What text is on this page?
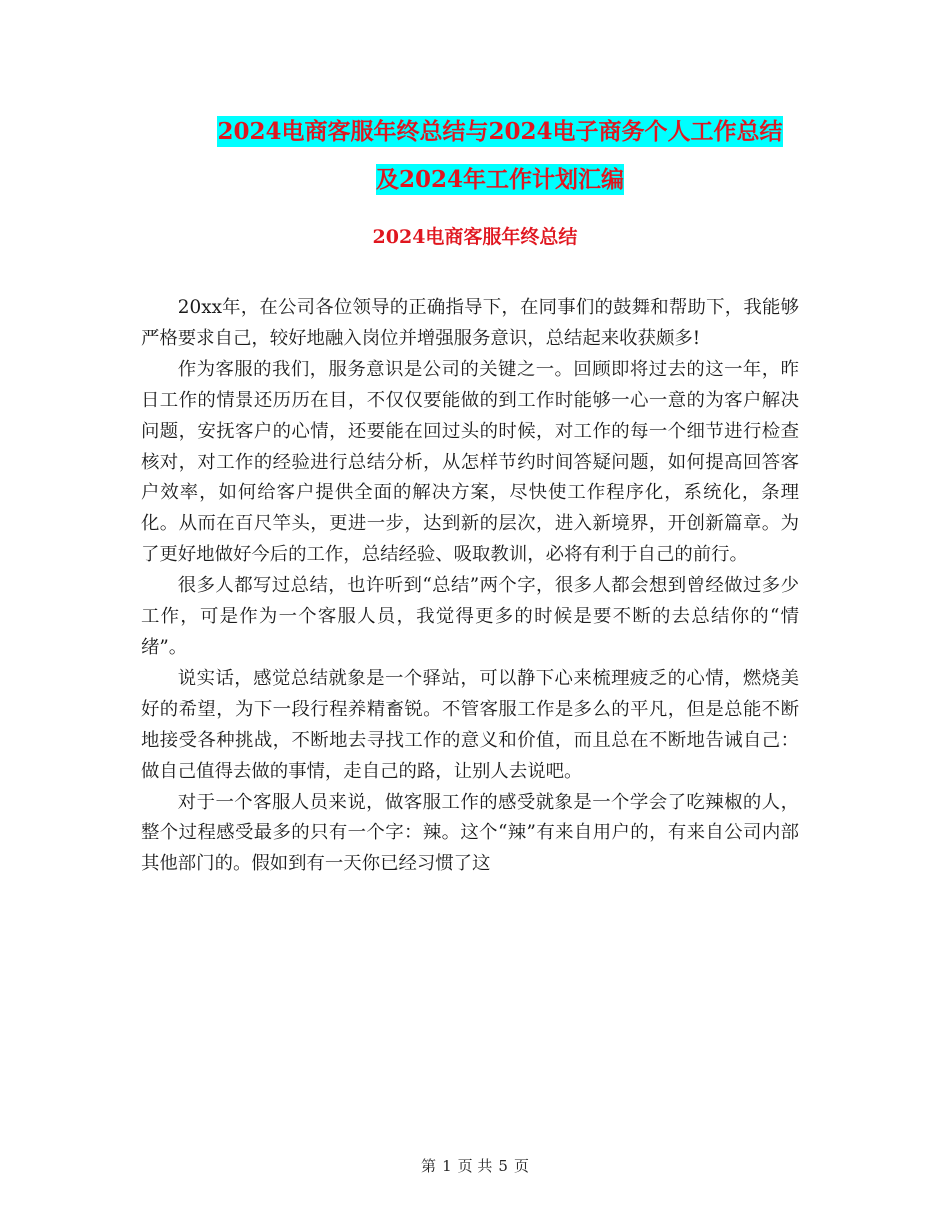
2024电商客服年终总结与2024电子商务个人工作总结
及2024年工作计划汇编
2024电商客服年终总结

20xx年，在公司各位领导的正确指导下，在同事们的鼓舞和帮助下，我能够严格要求自己，较好地融入岗位并增强服务意识，总结起来收获颇多!

作为客服的我们，服务意识是公司的关键之一。回顾即将过去的这一年，昨日工作的情景还历历在目，不仅仅要能做的到工作时能够一心一意的为客户解决问题，安抚客户的心情，还要能在回过头的时候，对工作的每一个细节进行检查核对，对工作的经验进行总结分析，从怎样节约时间答疑问题，如何提高回答客户效率，如何给客户提供全面的解决方案，尽快使工作程序化，系统化，条理化。从而在百尺竿头，更进一步，达到新的层次，进入新境界，开创新篇章。为了更好地做好今后的工作，总结经验、吸取教训，必将有利于自己的前行。

很多人都写过总结，也许听到“总结”两个字，很多人都会想到曾经做过多少工作，可是作为一个客服人员，我觉得更多的时候是要不断的去总结你的“情绪”。

说实话，感觉总结就象是一个驿站，可以静下心来梳理疲乏的心情，燃烧美好的希望，为下一段行程养精畜锐。不管客服工作是多么的平凡，但是总能不断地接受各种挑战，不断地去寻找工作的意义和价值，而且总在不断地告诫自己：做自己值得去做的事情，走自己的路，让别人去说吧。

对于一个客服人员来说，做客服工作的感受就象是一个学会了吃辣椒的人，整个过程感受最多的只有一个字：辣。这个“辣”有来自用户的，有来自公司内部其他部门的。假如到有一天你已经习惯了这

第 1 页 共 5 页
